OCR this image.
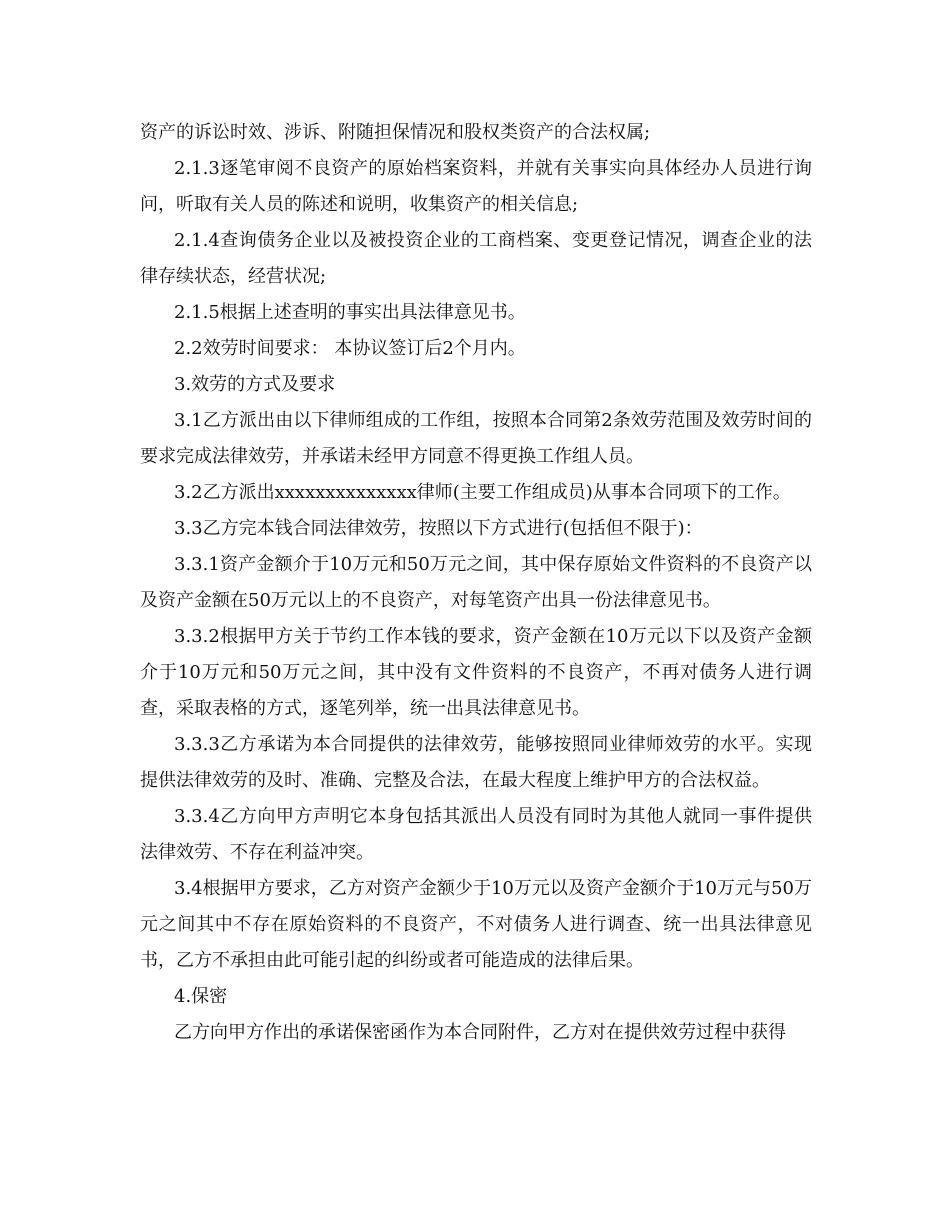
资产的诉讼时效、涉诉、附随担保情况和股权类资产的合法权属;

2.1.3逐笔审阅不良资产的原始档案资料，并就有关事实向具体经办人员进行询问，听取有关人员的陈述和说明，收集资产的相关信息;

2.1.4查询债务企业以及被投资企业的工商档案、变更登记情况，调查企业的法律存续状态，经营状况;

2.1.5根据上述查明的事实出具法律意见书。

2.2效劳时间要求： 本协议签订后2个月内。

3.效劳的方式及要求

3.1乙方派出由以下律师组成的工作组，按照本合同第2条效劳范围及效劳时间的要求完成法律效劳，并承诺未经甲方同意不得更换工作组人员。

3.2乙方派出xxxxxxxxxxxxxx律师(主要工作组成员)从事本合同项下的工作。

3.3乙方完本钱合同法律效劳，按照以下方式进行(包括但不限于)：

3.3.1资产金额介于10万元和50万元之间，其中保存原始文件资料的不良资产以及资产金额在50万元以上的不良资产，对每笔资产出具一份法律意见书。

3.3.2根据甲方关于节约工作本钱的要求，资产金额在10万元以下以及资产金额介于10万元和50万元之间，其中没有文件资料的不良资产，不再对债务人进行调查，采取表格的方式，逐笔列举，统一出具法律意见书。

3.3.3乙方承诺为本合同提供的法律效劳，能够按照同业律师效劳的水平。实现提供法律效劳的及时、准确、完整及合法，在最大程度上维护甲方的合法权益。

3.3.4乙方向甲方声明它本身包括其派出人员没有同时为其他人就同一事件提供法律效劳、不存在利益冲突。

3.4根据甲方要求，乙方对资产金额少于10万元以及资产金额介于10万元与50万元之间其中不存在原始资料的不良资产，不对债务人进行调查、统一出具法律意见书，乙方不承担由此可能引起的纠纷或者可能造成的法律后果。

4.保密

乙方向甲方作出的承诺保密函作为本合同附件，乙方对在提供效劳过程中获得
